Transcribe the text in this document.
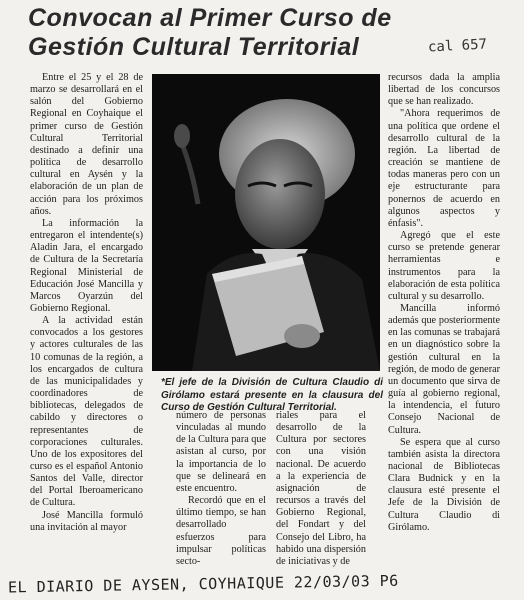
Convocan al Primer Curso de
Gestión Cultural Territorial	cal 657

Entre el 25 y el 28 de marzo se desarrollará en el salón del Gobierno Regional en Coyhaique el primer curso de Gestión Cultural Territorial destinado a definir una política de desarrollo cultural en Aysén y la elaboración de un plan de acción para los próximos años.

La información la entregaron el intendente(s) Aladin Jara, el encargado de Cultura de la Secretaría Regional Ministerial de Educación José Mancilla y Marcos Oyarzún del Gobierno Regional.

A la actividad están convocados a los gestores y actores culturales de las 10 comunas de la región, a los encargados de cultura de las municipalidades y coordinadores de bibliotecas, delegados de cabildo y directores o representantes de corporaciones culturales. Uno de los expositores del curso es el español Antonio Santos del Valle, director del Portal Iberoamericano de Cultura.

José Mancilla formuló una invitación al mayor

*El jefe de la División de Cultura Claudio di Girólamo estará presente en la clausura del Curso de Gestión Cultural Territorial.

número de personas vinculadas al mundo de la Cultura para que asistan al curso, por la importancia de lo que se delineará en este encuentro.

Recordó que en el último tiempo, se han desarrollado esfuerzos para impulsar políticas secto-

riales para el desarrollo de la Cultura por sectores con una visión nacional. De acuerdo a la experiencia de asignación de recursos a través del Gobierno Regional, del Fondart y del Consejo del Libro, ha habido una dispersión de iniciativas y de

recursos dada la amplia libertad de los concursos que se han realizado.

"Ahora requerimos de una política que ordene el desarrollo cultural de la región. La libertad de creación se mantiene de todas maneras pero con un eje estructurante para ponernos de acuerdo en algunos aspectos y énfasis".

Agregó que el este curso se pretende generar herramientas e instrumentos para la elaboración de esta política cultural y su desarrollo.

Mancilla informó además que posteriormente en las comunas se trabajará en un diagnóstico sobre la gestión cultural en la región, de modo de generar un documento que sirva de guía al gobierno regional, la intendencia, el futuro Consejo Nacional de Cultura.

Se espera que al curso también asista la directora nacional de Bibliotecas Clara Budnick y en la clausura esté presente el Jefe de la División de Cultura Claudio di Girólamo.

EL DIARIO DE AYSEN, COYHAIQUE 22/03/03 P6
